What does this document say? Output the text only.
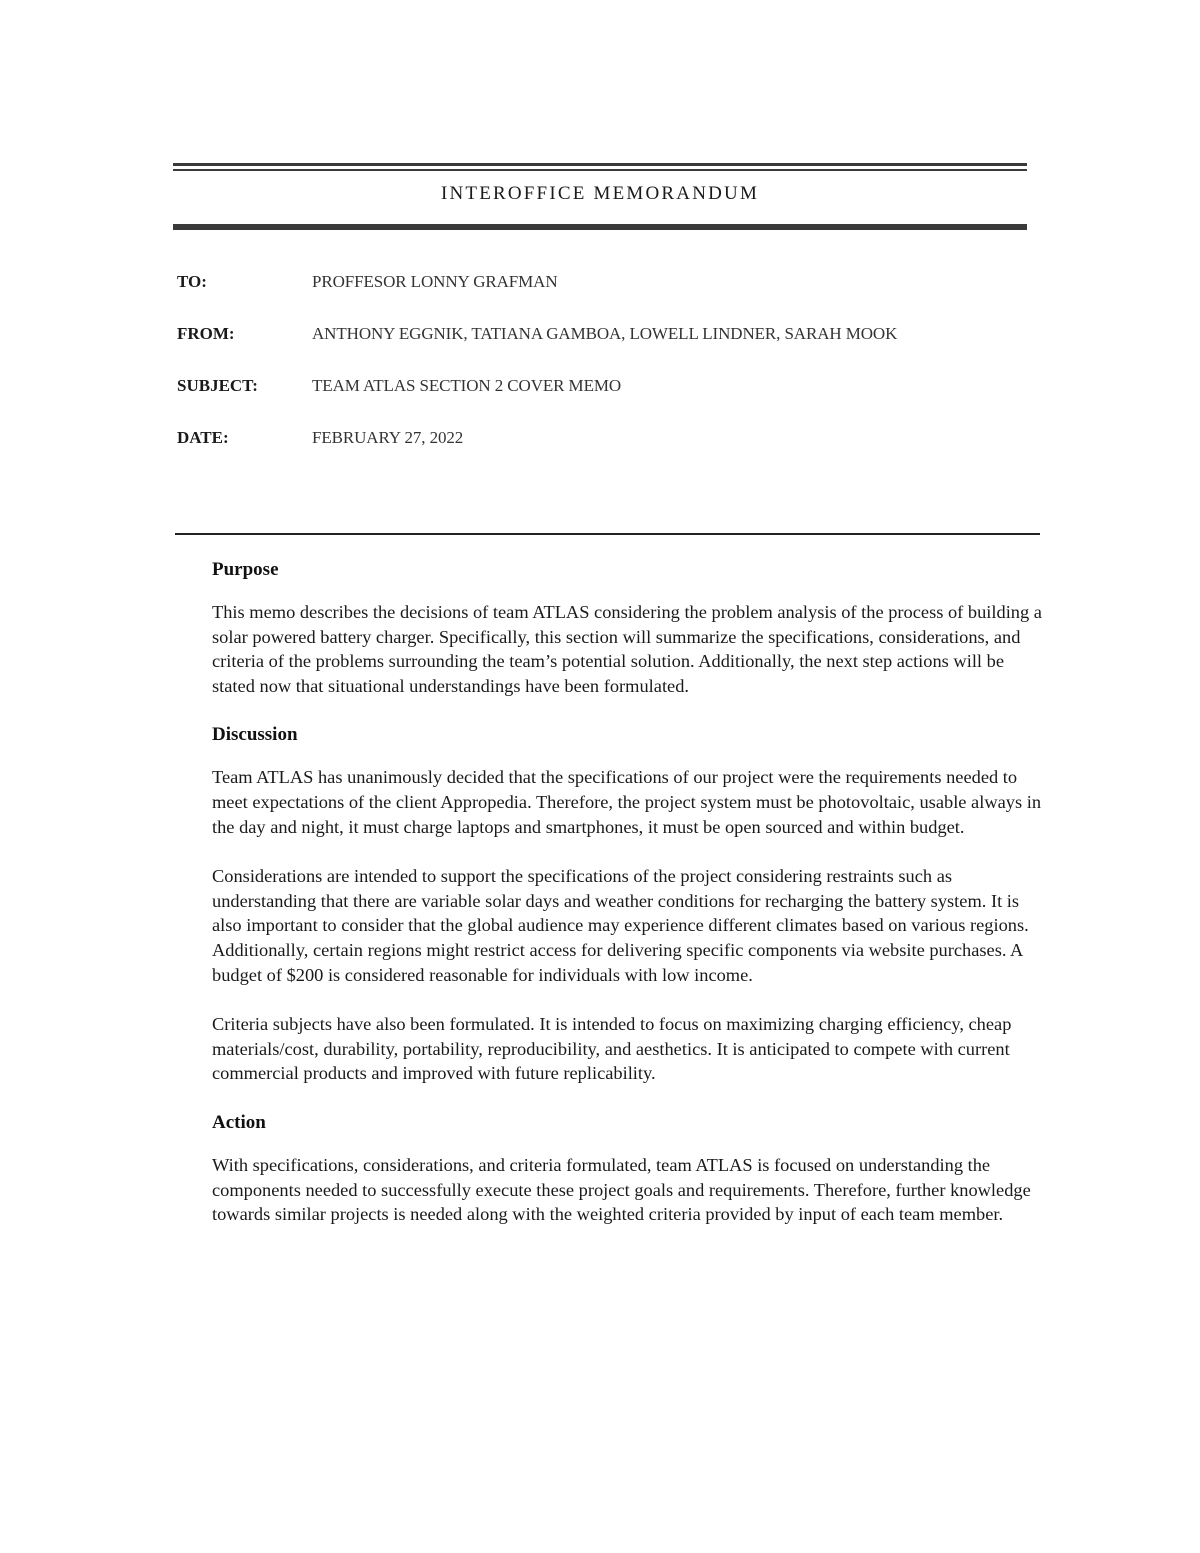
INTEROFFICE MEMORANDUM
TO:	PROFFESOR LONNY GRAFMAN
FROM:	ANTHONY EGGNIK, TATIANA GAMBOA, LOWELL LINDNER, SARAH MOOK
SUBJECT:	TEAM ATLAS SECTION 2 COVER MEMO
DATE:	FEBRUARY 27, 2022
Purpose

This memo describes the decisions of team ATLAS considering the problem analysis of the process of building a solar powered battery charger. Specifically, this section will summarize the specifications, considerations, and criteria of the problems surrounding the team’s potential solution. Additionally, the next step actions will be stated now that situational understandings have been formulated.

Discussion

Team ATLAS has unanimously decided that the specifications of our project were the requirements needed to meet expectations of the client Appropedia. Therefore, the project system must be photovoltaic, usable always in the day and night, it must charge laptops and smartphones, it must be open sourced and within budget.

Considerations are intended to support the specifications of the project considering restraints such as understanding that there are variable solar days and weather conditions for recharging the battery system. It is also important to consider that the global audience may experience different climates based on various regions. Additionally, certain regions might restrict access for delivering specific components via website purchases. A budget of $200 is considered reasonable for individuals with low income.

Criteria subjects have also been formulated. It is intended to focus on maximizing charging efficiency, cheap materials/cost, durability, portability, reproducibility, and aesthetics. It is anticipated to compete with current commercial products and improved with future replicability.

Action

With specifications, considerations, and criteria formulated, team ATLAS is focused on understanding the components needed to successfully execute these project goals and requirements. Therefore, further knowledge towards similar projects is needed along with the weighted criteria provided by input of each team member.
